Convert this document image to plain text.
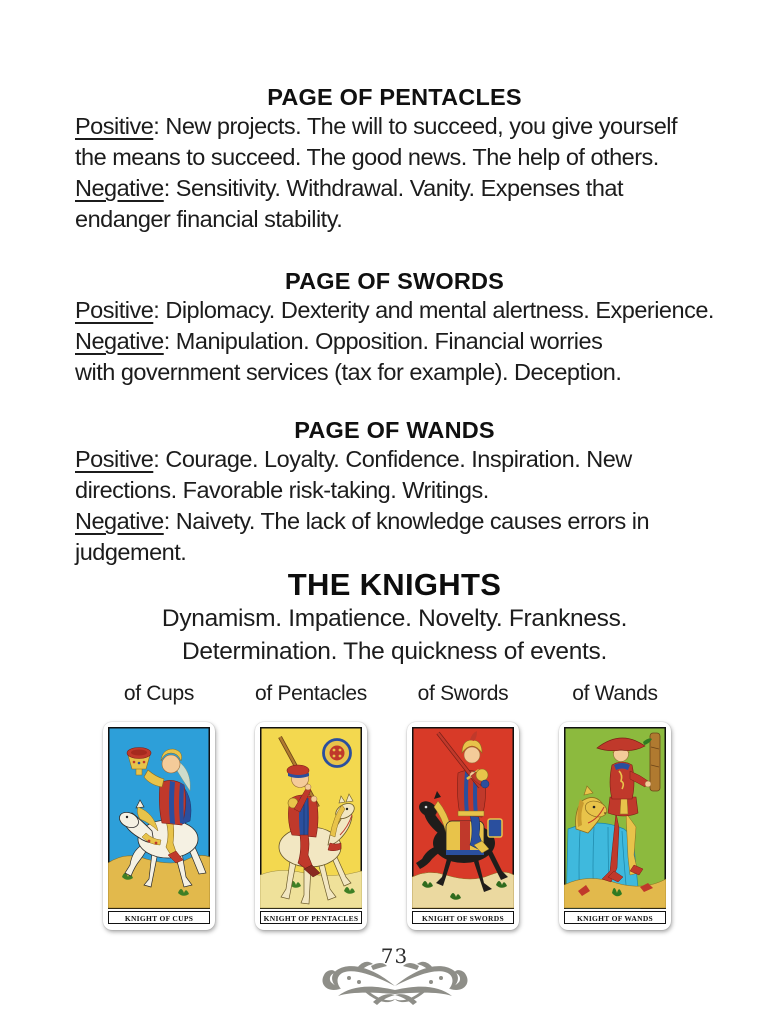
PAGE OF PENTACLES
Positive: New projects. The will to succeed, you give yourself
the means to succeed. The good news. The help of others.
Negative: Sensitivity. Withdrawal. Vanity. Expenses that
endanger financial stability.
PAGE OF SWORDS
Positive: Diplomacy. Dexterity and mental alertness. Experience.
Negative: Manipulation. Opposition. Financial worries
with government services (tax for example). Deception.
PAGE OF WANDS
Positive: Courage. Loyalty. Confidence. Inspiration. New
directions. Favorable risk-taking. Writings.
Negative: Naivety. The lack of knowledge causes errors in
judgement.
THE KNIGHTS
Dynamism. Impatience. Novelty. Frankness.
Determination. The quickness of events.
of Cups	of Pentacles	of Swords	of Wands
KNIGHT OF CUPS	KNIGHT OF PENTACLES	KNIGHT OF SWORDS	KNIGHT OF WANDS
73
